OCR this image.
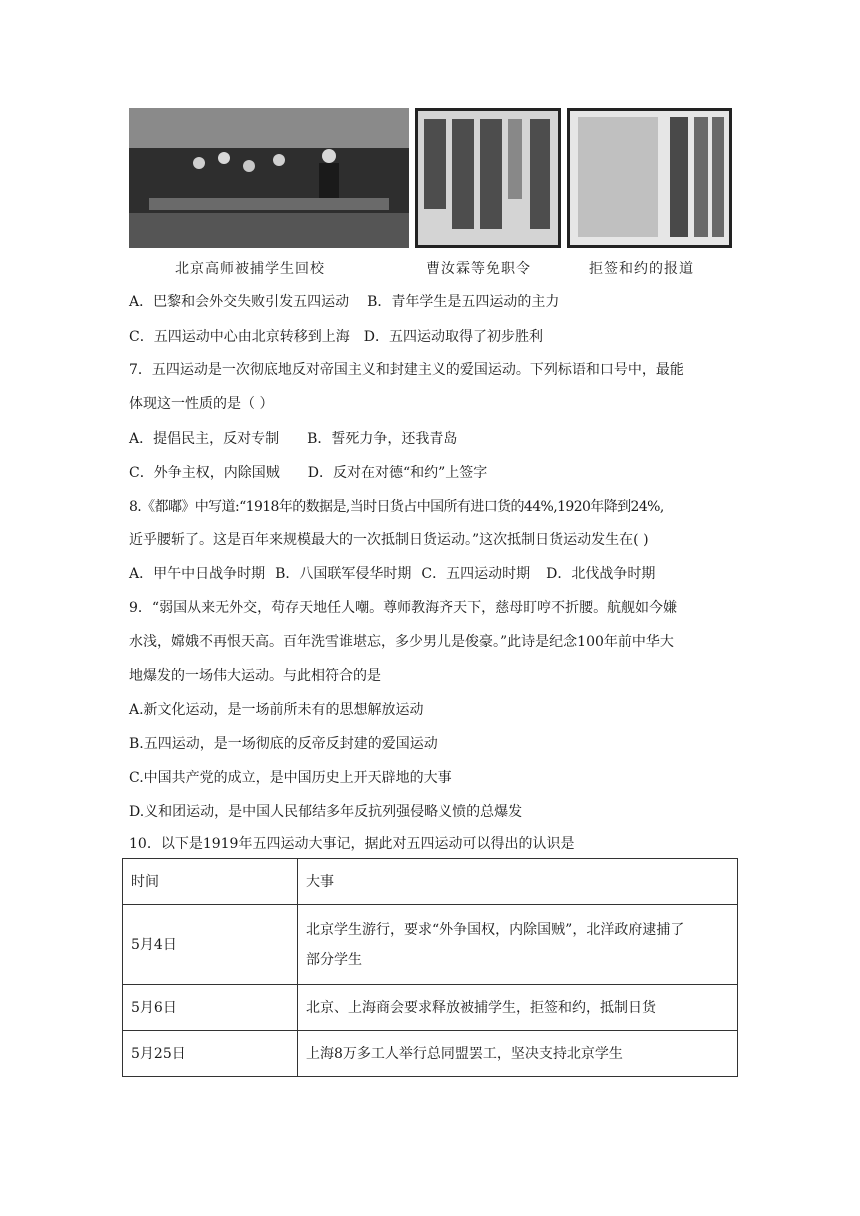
北京高师被捕学生回校	曹汝霖等免职令	拒签和约的报道
A．巴黎和会外交失败引发五四运动 B．青年学生是五四运动的主力
C．五四运动中心由北京转移到上海 D．五四运动取得了初步胜利
7．五四运动是一次彻底地反对帝国主义和封建主义的爱国运动。下列标语和口号中，最能
体现这一性质的是（ ）
A．提倡民主，反对专制 B．誓死力争，还我青岛
C．外争主权，内除国贼 D．反对在对德“和约”上签字
8.《都嘟》中写道:“1918年的数据是,当时日货占中国所有进口货的44%,1920年降到24%,
近乎腰斩了。这是百年来规模最大的一次抵制日货运动。”这次抵制日货运动发生在( )
A．甲午中日战争时期 B．八国联军侵华时期 C．五四运动时期 D．北伐战争时期
9．“弱国从来无外交，苟存天地任人嘲。尊师教海齐天下，慈母盯哼不折腰。航舰如今嫌
水浅，嫦娥不再恨天高。百年洗雪谁堪忘，多少男儿是俊豪。”此诗是纪念100年前中华大
地爆发的一场伟大运动。与此相符合的是
A.新文化运动，是一场前所未有的思想解放运动
B.五四运动，是一场彻底的反帝反封建的爱国运动
C.中国共产党的成立，是中国历史上开天辟地的大事
D.义和团运动，是中国人民郁结多年反抗列强侵略义愤的总爆发
10．以下是1919年五四运动大事记，据此对五四运动可以得出的认识是
时间	大事
5月4日	北京学生游行，要求“外争国权，内除国贼”，北洋政府逮捕了
部分学生

5月6日	北京、上海商会要求释放被捕学生，拒签和约，抵制日货
5月25日	上海8万多工人举行总同盟罢工，坚决支持北京学生
